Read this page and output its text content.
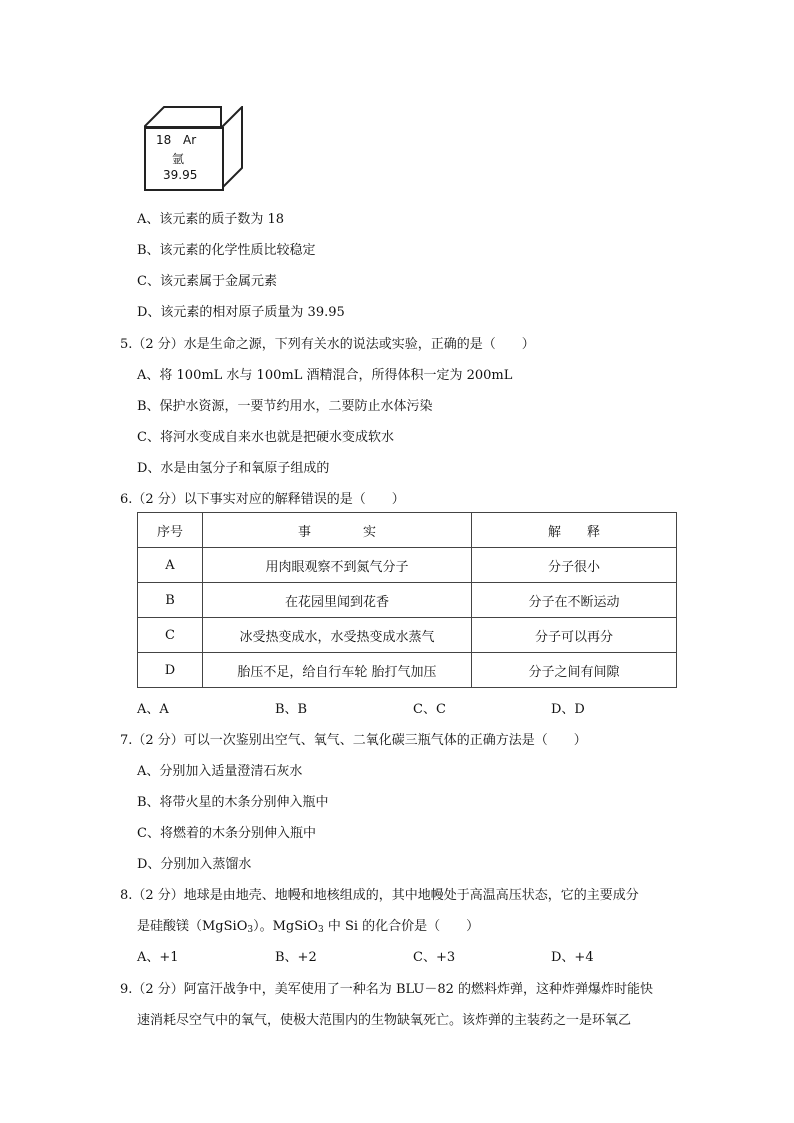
18 Ar
氩
39.95
A、该元素的质子数为 18
B、该元素的化学性质比较稳定
C、该元素属于金属元素
D、该元素的相对原子质量为 39.95
5.（2 分）水是生命之源，下列有关水的说法或实验，正确的是（　　）
A、将 100mL 水与 100mL 酒精混合，所得体积一定为 200mL
B、保护水资源，一要节约用水，二要防止水体污染
C、将河水变成自来水也就是把硬水变成软水
D、水是由氢分子和氧原子组成的
6.（2 分）以下事实对应的解释错误的是（　　）
序号	事　　　　实	解　　释
A	用肉眼观察不到氮气分子	分子很小
B	在花园里闻到花香	分子在不断运动
C	冰受热变成水，水受热变成水蒸气	分子可以再分
D	胎压不足，给自行车轮 胎打气加压	分子之间有间隙
A、A	B、B	C、C	D、D
7.（2 分）可以一次鉴别出空气、氧气、二氧化碳三瓶气体的正确方法是（　　）
A、分别加入适量澄清石灰水
B、将带火星的木条分别伸入瓶中
C、将燃着的木条分别伸入瓶中
D、分别加入蒸馏水
8.（2 分）地球是由地壳、地幔和地核组成的，其中地幔处于高温高压状态，它的主要成分
是硅酸镁（MgSiO$_3$）。MgSiO$_3$ 中 Si 的化合价是（　　）
A、+1	B、+2	C、+3	D、+4
9.（2 分）阿富汗战争中，美军使用了一种名为 BLU－82 的燃料炸弹，这种炸弹爆炸时能快
速消耗尽空气中的氧气，使极大范围内的生物缺氧死亡。该炸弹的主装药之一是环氧乙
